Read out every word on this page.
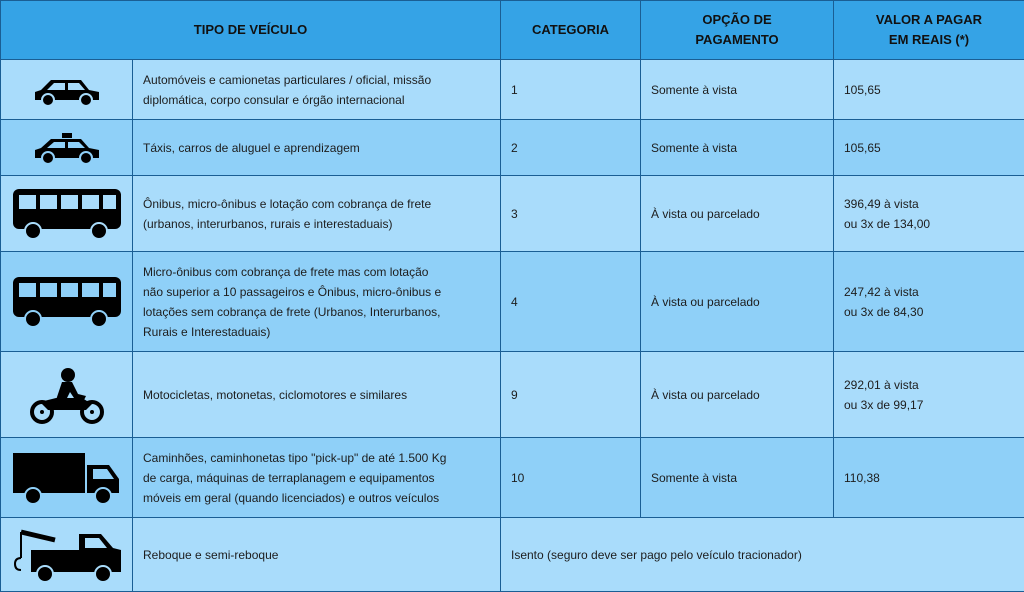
TIPO DE VEÍCULO		CATEGORIA	OPÇÃO DE
PAGAMENTO	VALOR A PAGAR
EM REAIS (*)

	Automóveis e camionetas particulares / oficial, missão
diplomática, corpo consular e órgão internacional	1	Somente à vista	105,65

	Táxis, carros de aluguel e aprendizagem	2	Somente à vista	105,65

	Ônibus, micro-ônibus e lotação com cobrança de frete
(urbanos, interurbanos, rurais e interestaduais)	3	À vista ou parcelado	396,49 à vista
ou 3x de 134,00

	Micro-ônibus com cobrança de frete mas com lotação
não superior a 10 passageiros e Ônibus, micro-ônibus e
lotações sem cobrança de frete (Urbanos, Interurbanos,
Rurais e Interestaduais)	4	À vista ou parcelado	247,42 à vista
ou 3x de 84,30

	Motocicletas, motonetas, ciclomotores e similares	9	À vista ou parcelado	292,01 à vista
ou 3x de 99,17

	Caminhões, caminhonetas tipo "pick-up" de até 1.500 Kg
de carga, máquinas de terraplanagem e equipamentos
móveis em geral (quando licenciados) e outros veículos	10	Somente à vista	110,38

	Reboque e semi-reboque	Isento (seguro deve ser pago pelo veículo tracionador)		
